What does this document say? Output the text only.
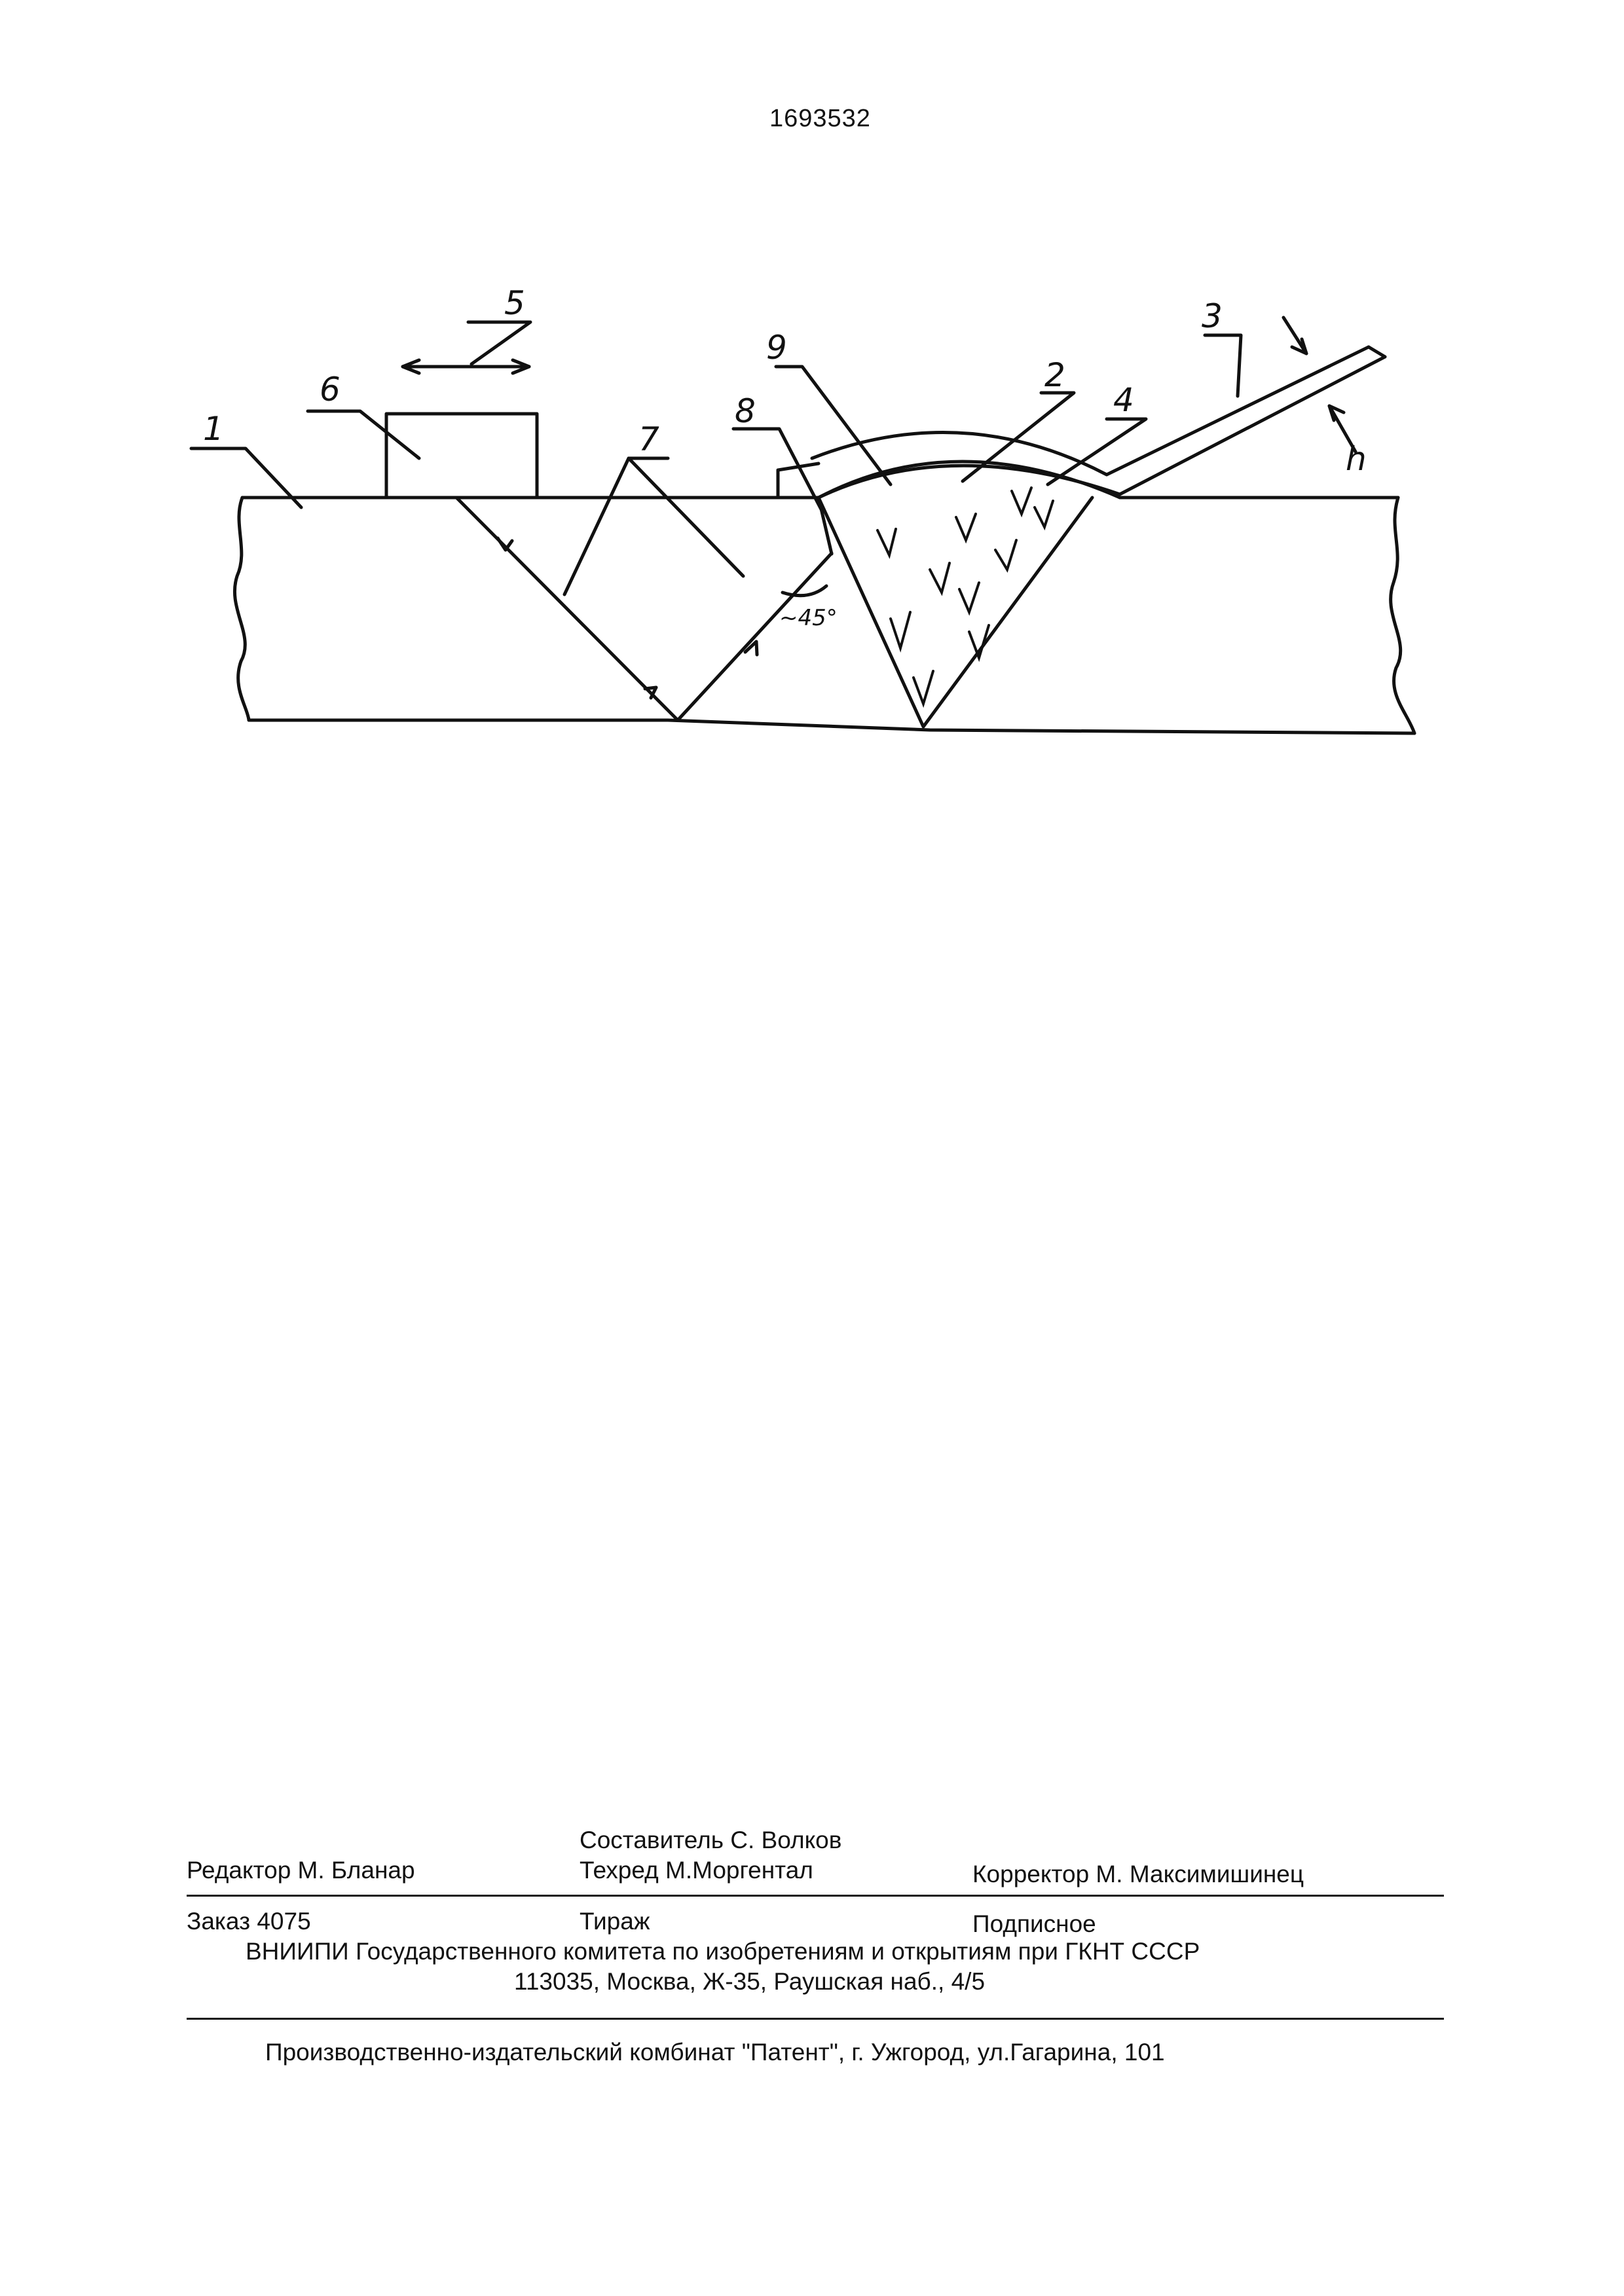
1693532
1
6
5
7
8
9
2
4
3
h
~45°
Составитель С. Волков
Редактор М. Бланар	Техред М.Моргентал	Корректор М. Максимишинец
Заказ 4075	Тираж	Подписное
ВНИИПИ Государственного комитета по изобретениям и открытиям при ГКНТ СССР
113035, Москва, Ж-35, Раушская наб., 4/5
Производственно-издательский комбинат "Патент", г. Ужгород, ул.Гагарина, 101
